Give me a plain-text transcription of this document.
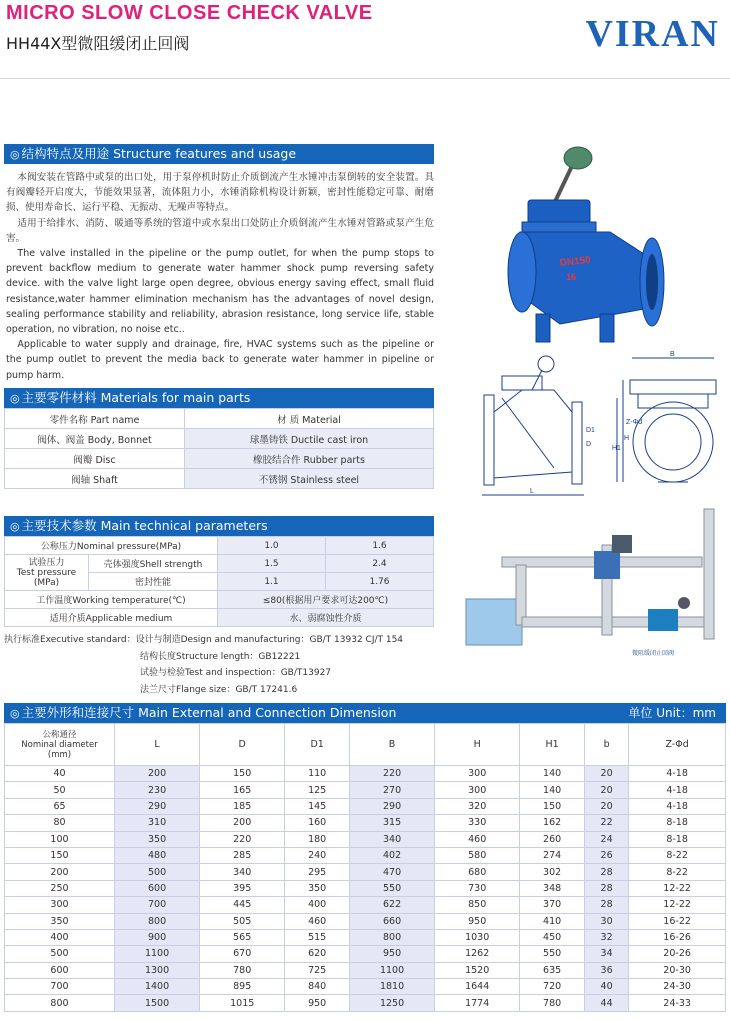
MICRO SLOW CLOSE CHECK VALVE
HH44X型微阻缓闭止回阀	VIRAN
◎ 结构特点及用途 Structure features and usage

本阀安装在管路中或泵的出口处，用于泵停机时防止介质倒流产生水锤冲击泵倒转的安全装置。具有阀瓣轻开启度大，节能效果显著，流体阻力小，水锤消除机构设计新颖，密封性能稳定可靠、耐磨损、使用寿命长、运行平稳、无振动、无噪声等特点。

适用于给排水、消防、暖通等系统的管道中或水泵出口处防止介质倒流产生水锤对管路或泵产生危害。

The valve installed in the pipeline or the pump outlet, for when the pump stops to prevent backflow medium to generate water hammer shock pump reversing safety device. with the valve light large open degree, obvious energy saving effect, small fluid resistance,water hammer elimination mechanism has the advantages of novel design, sealing performance stability and reliability, abrasion resistance, long service life, stable operation, no vibration, no noise etc..

Applicable to water supply and drainage, fire, HVAC systems such as the pipeline or the pump outlet to prevent the media back to generate water hammer in pipeline or pump harm.

DN150
16
◎ 主要零件材料 Materials for main parts
零件名称 Part name	材 质 Material
阀体、阀盖 Body, Bonnet	球墨铸铁 Ductile cast iron
阀瓣 Disc	橡胶结合件 Rubber parts
阀轴 Shaft	不锈钢 Stainless steel
◎ 主要技术参数 Main technical parameters
公称压力Nominal pressure(MPa)		1.0	1.6

试验压力
Test pressure
(MPa)	壳体强度Shell strength	1.5	2.4
	密封性能	1.1	1.76
工作温度Working temperature(℃)		≤80(根据用户要求可达200℃)	
适用介质Applicable medium		水、弱腐蚀性介质	
执行标准Executive standard：设计与制造Design and manufacturing：GB/T 13932 CJ/T 154
结构长度Structure length：GB12221
试验与检验Test and inspection：GB/T13927
法兰尺寸Flange size：GB/T 17241.6
B
H1
H
Z-Φd
L
D1
D
微阻缓闭止回阀
◎ 主要外形和连接尺寸 Main External and Connection Dimension	单位 Unit：mm
公称通径
Nominal diameter
(mm)	L	D	D1	B	H	H1	b	Z-Φd
40	200	150	110	220	300	140	20	4-18
50	230	165	125	270	300	140	20	4-18
65	290	185	145	290	320	150	20	4-18
80	310	200	160	315	330	162	22	8-18
100	350	220	180	340	460	260	24	8-18
150	480	285	240	402	580	274	26	8-22
200	500	340	295	470	680	302	28	8-22
250	600	395	350	550	730	348	28	12-22
300	700	445	400	622	850	370	28	12-22
350	800	505	460	660	950	410	30	16-22
400	900	565	515	800	1030	450	32	16-26
500	1100	670	620	950	1262	550	34	20-26
600	1300	780	725	1100	1520	635	36	20-30
700	1400	895	840	1810	1644	720	40	24-30
800	1500	1015	950	1250	1774	780	44	24-33
